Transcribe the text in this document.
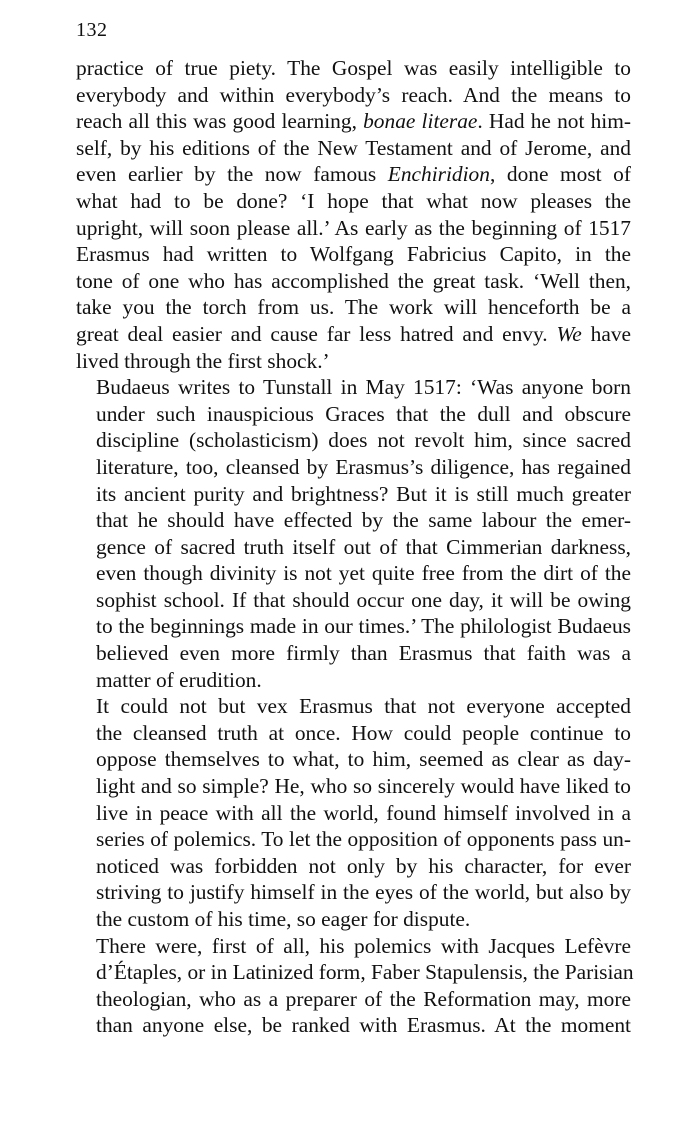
132
practice of true piety. The Gospel was easily intelligible to
everybody and within everybody’s reach. And the means to
reach all this was good learning, bonae literae. Had he not him-
self, by his editions of the New Testament and of Jerome, and
even earlier by the now famous Enchiridion, done most of
what had to be done? ‘I hope that what now pleases the
upright, will soon please all.’ As early as the beginning of 1517
Erasmus had written to Wolfgang Fabricius Capito, in the
tone of one who has accomplished the great task. ‘Well then,
take you the torch from us. The work will henceforth be a
great deal easier and cause far less hatred and envy. We have
lived through the first shock.’
Budaeus writes to Tunstall in May 1517: ‘Was anyone born
under such inauspicious Graces that the dull and obscure
discipline (scholasticism) does not revolt him, since sacred
literature, too, cleansed by Erasmus’s diligence, has regained
its ancient purity and brightness? But it is still much greater
that he should have effected by the same labour the emer-
gence of sacred truth itself out of that Cimmerian darkness,
even though divinity is not yet quite free from the dirt of the
sophist school. If that should occur one day, it will be owing
to the beginnings made in our times.’ The philologist Budaeus
believed even more firmly than Erasmus that faith was a
matter of erudition.
It could not but vex Erasmus that not everyone accepted
the cleansed truth at once. How could people continue to
oppose themselves to what, to him, seemed as clear as day-
light and so simple? He, who so sincerely would have liked to
live in peace with all the world, found himself involved in a
series of polemics. To let the opposition of opponents pass un-
noticed was forbidden not only by his character, for ever
striving to justify himself in the eyes of the world, but also by
the custom of his time, so eager for dispute.
There were, first of all, his polemics with Jacques Lefèvre
d’Étaples, or in Latinized form, Faber Stapulensis, the Parisian
theologian, who as a preparer of the Reformation may, more
than anyone else, be ranked with Erasmus. At the moment
